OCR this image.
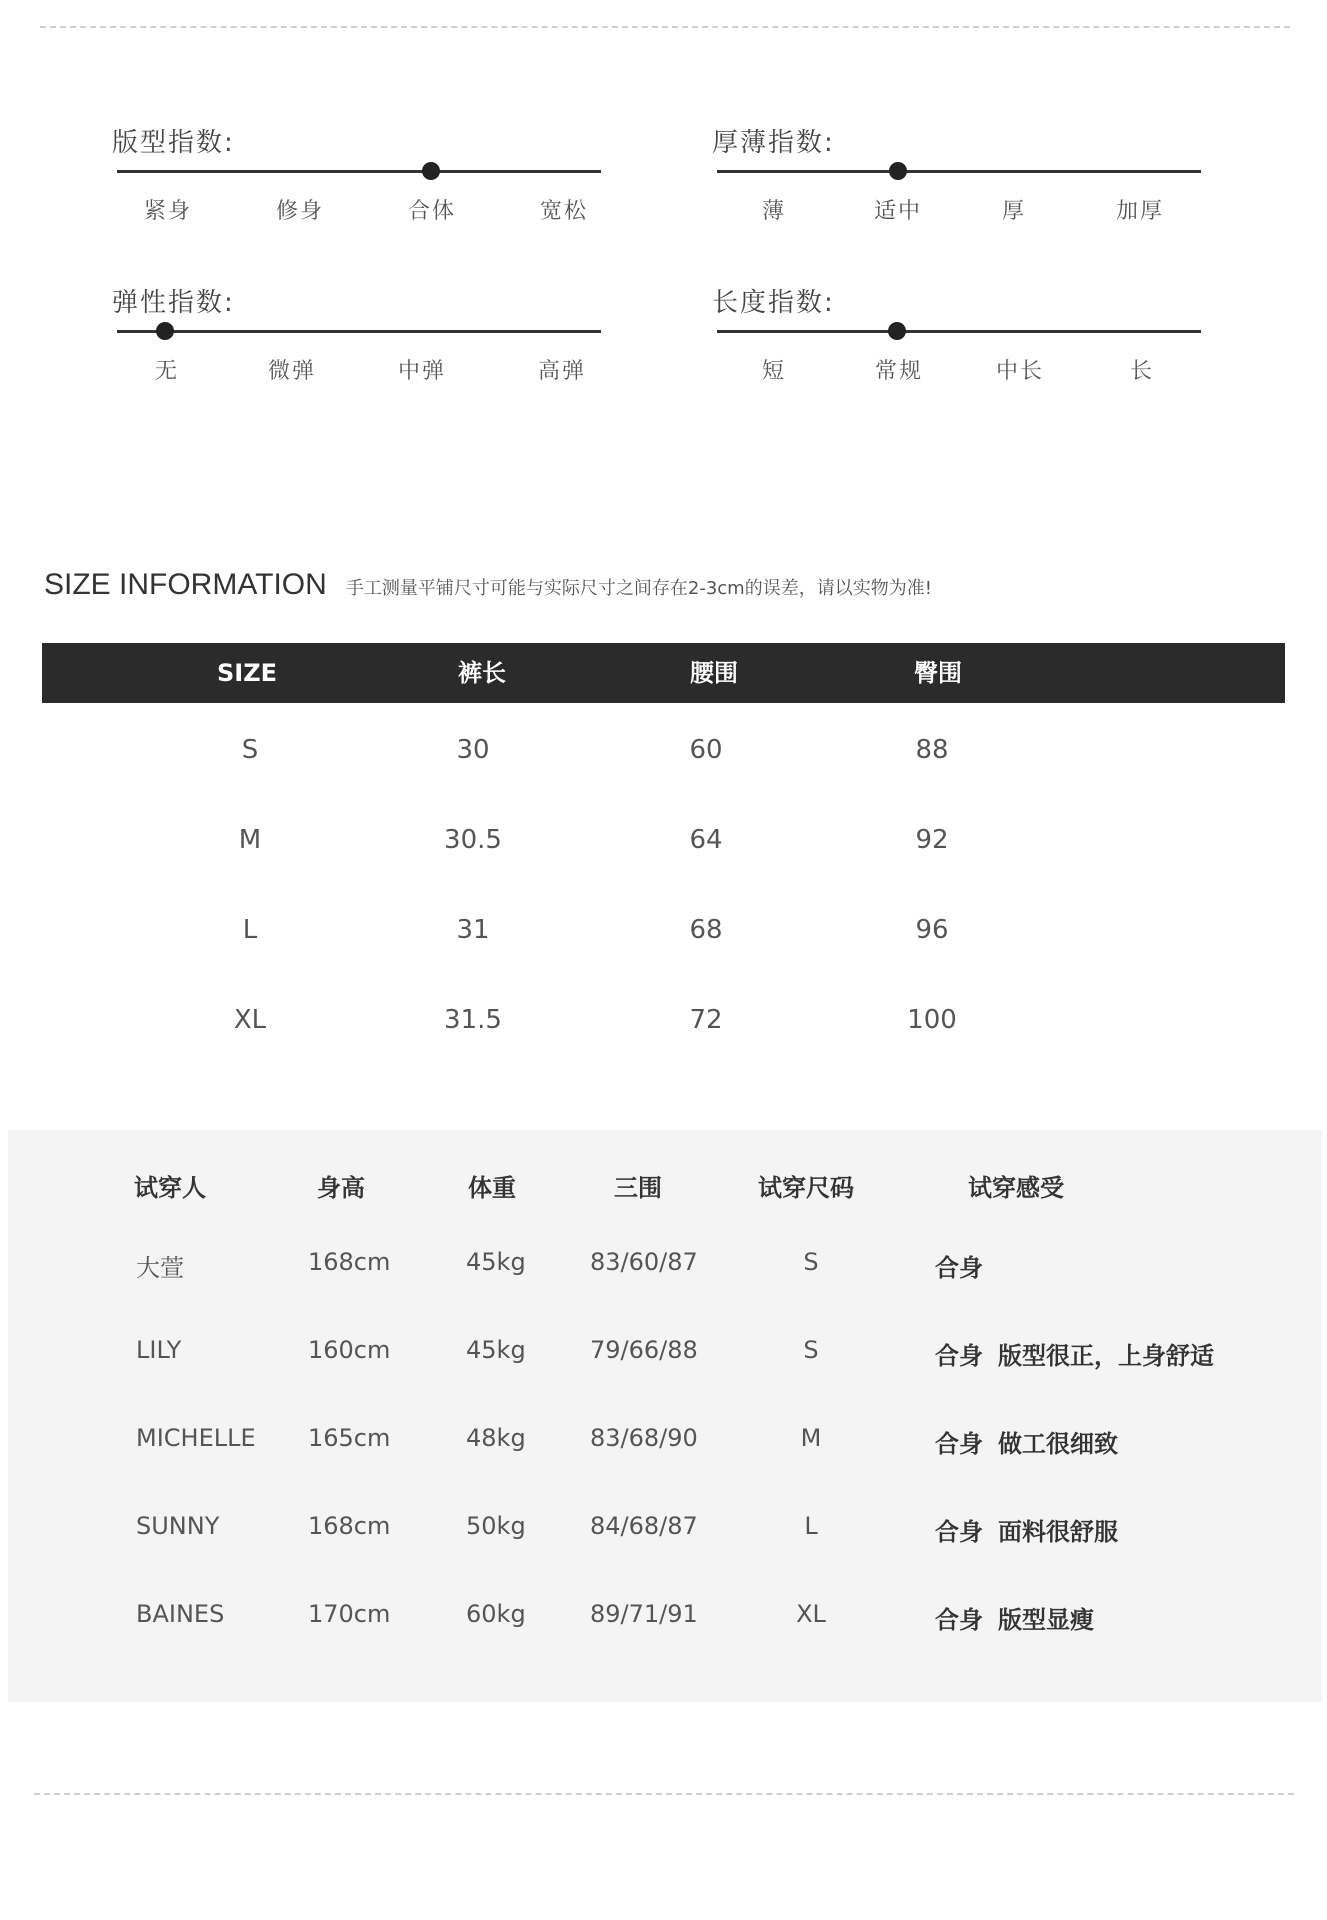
版型指数:
紧身	修身	合体	宽松
厚薄指数:
薄	适中	厚	加厚
弹性指数:
无	微弹	中弹	高弹
长度指数:
短	常规	中长	长
SIZE INFORMATION 手工测量平铺尺寸可能与实际尺寸之间存在2-3cm的误差，请以实物为准!
SIZE	裤长	腰围	臀围
S	30	60	88
M	30.5	64	92
L	31	68	96
XL	31.5	72	100
试穿人	身高	体重	三围	试穿尺码	试穿感受
大萱	168cm	45kg	83/60/87	S	合身
LILY	160cm	45kg	79/66/88	S	合身 版型很正，上身舒适
MICHELLE 165cm	48kg	83/68/90	M	合身 做工很细致
SUNNY	168cm	50kg	84/68/87	L	合身 面料很舒服
BAINES	170cm	60kg	89/71/91	XL	合身 版型显瘦
